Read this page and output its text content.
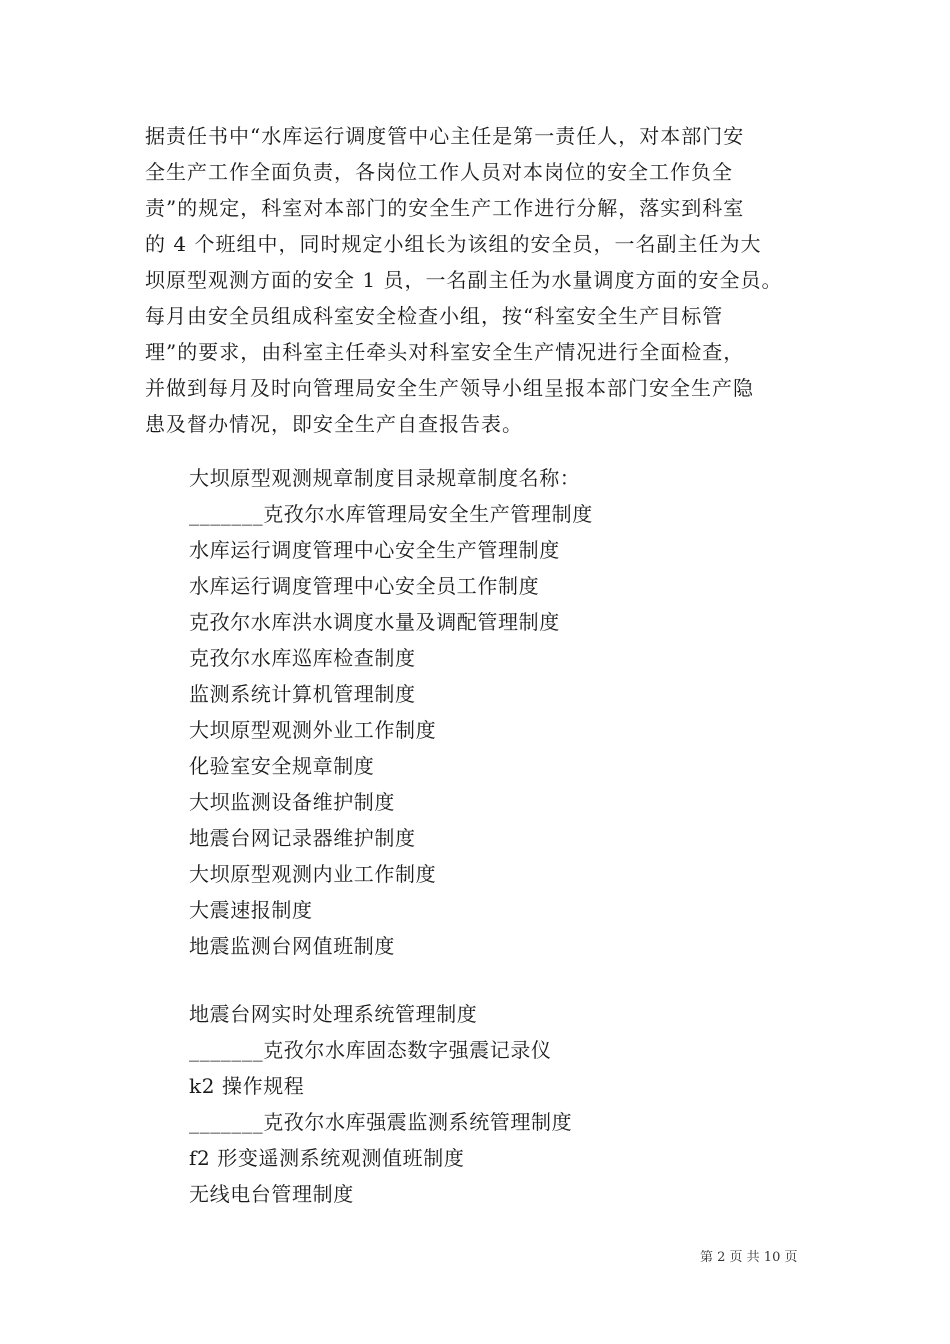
据责任书中“水库运行调度管中心主任是第一责任人，对本部门安
全生产工作全面负责，各岗位工作人员对本岗位的安全工作负全
责”的规定，科室对本部门的安全生产工作进行分解，落实到科室
的 4 个班组中，同时规定小组长为该组的安全员，一名副主任为大
坝原型观测方面的安全 1 员，一名副主任为水量调度方面的安全员。
每月由安全员组成科室安全检查小组，按“科室安全生产目标管
理”的要求，由科室主任牵头对科室安全生产情况进行全面检查，
并做到每月及时向管理局安全生产领导小组呈报本部门安全生产隐
患及督办情况，即安全生产自查报告表。

大坝原型观测规章制度目录规章制度名称：
_______克孜尔水库管理局安全生产管理制度
水库运行调度管理中心安全生产管理制度
水库运行调度管理中心安全员工作制度
克孜尔水库洪水调度水量及调配管理制度
克孜尔水库巡库检查制度
监测系统计算机管理制度
大坝原型观测外业工作制度
化验室安全规章制度
大坝监测设备维护制度
地震台网记录器维护制度
大坝原型观测内业工作制度
大震速报制度
地震监测台网值班制度
地震台网实时处理系统管理制度
_______克孜尔水库固态数字强震记录仪
k2 操作规程
_______克孜尔水库强震监测系统管理制度
f2 形变遥测系统观测值班制度
无线电台管理制度
第 2 页 共 10 页
